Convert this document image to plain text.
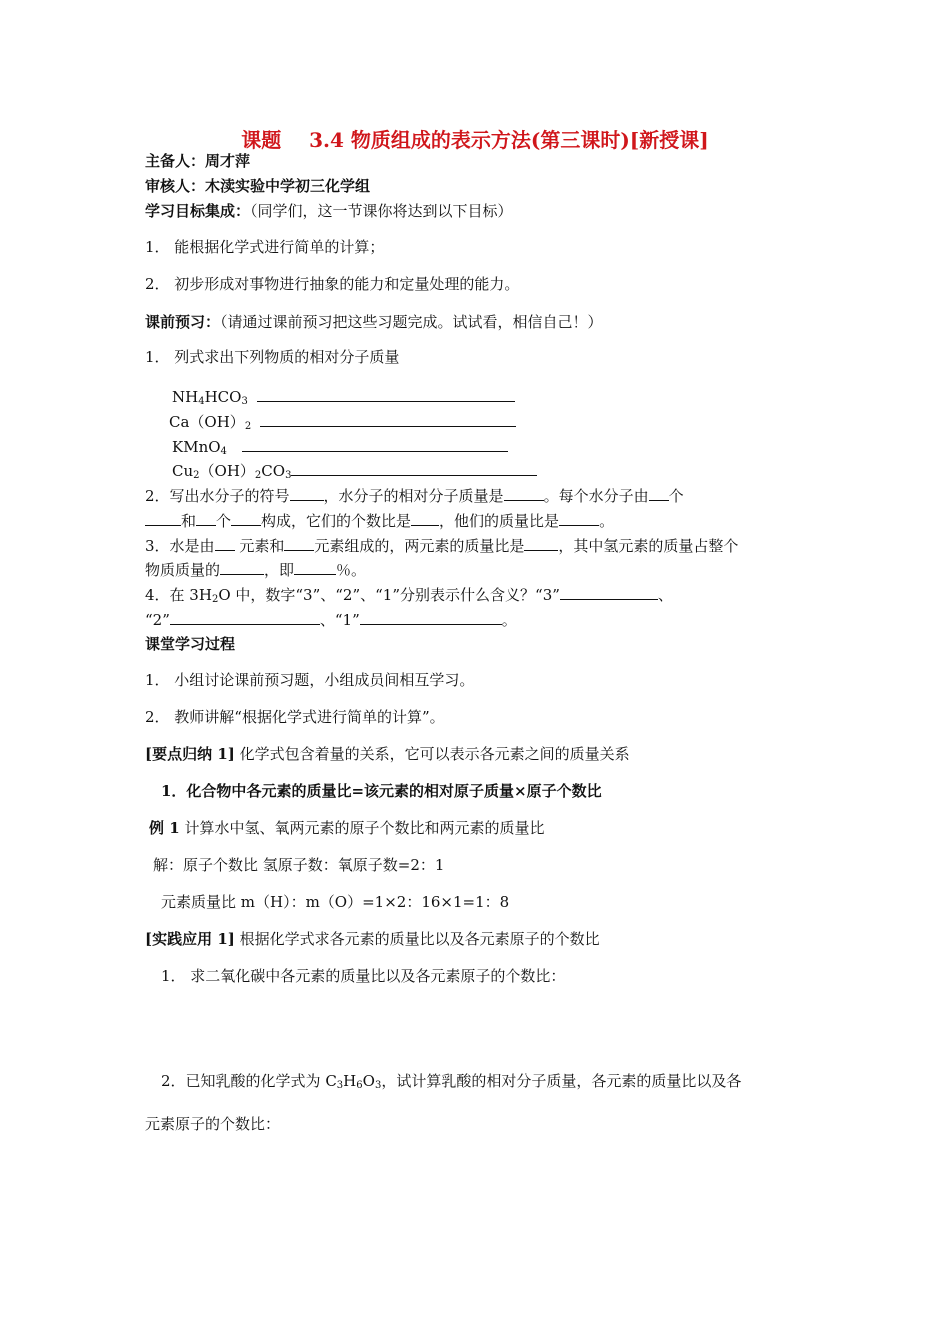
课题    3.4 物质组成的表示方法(第三课时)[新授课]
主备人：周才萍
审核人：木渎实验中学初三化学组
学习目标集成：（同学们，这一节课你将达到以下目标）
1． 能根据化学式进行简单的计算；
2． 初步形成对事物进行抽象的能力和定量处理的能力。
课前预习：（请通过课前预习把这些习题完成。试试看，相信自己！）
1． 列式求出下列物质的相对分子质量
$NH_4HCO_3$
$Ca(OH)_2$
KMnO$_4$
$Cu_2(OH)_2CO_3$
2．写出水分子的符号 ，水分子的相对分子质量是	。每个水分子由 个
和 个 构成，它们的个数比是 ，他们的质量比是	。
3．水是由 元素和 元素组成的，两元素的质量比是 ，其中氢元素的质量占整个
物质质量的	，即	％。
4．在 $3H_2O$ 中，数字“3”、“2”、“1”分别表示什么含义？“3”	、
“2”	、“1”	。
课堂学习过程
1． 小组讨论课前预习题，小组成员间相互学习。
2． 教师讲解“根据化学式进行简单的计算”。
[要点归纳 1] 化学式包含着量的关系，它可以表示各元素之间的质量关系
1．化合物中各元素的质量比=该元素的相对原子质量×原子个数比
例 1 计算水中氢、氧两元素的原子个数比和两元素的质量比
解：原子个数比 氢原子数：氧原子数=2：1
元素质量比 m（H）：m（O）=1×2：16×1=1：8
[实践应用 1] 根据化学式求各元素的质量比以及各元素原子的个数比
1． 求二氧化碳中各元素的质量比以及各元素原子的个数比：
2．已知乳酸的化学式为 $C_3H_6O_3$，试计算乳酸的相对分子质量，各元素的质量比以及各
元素原子的个数比：
